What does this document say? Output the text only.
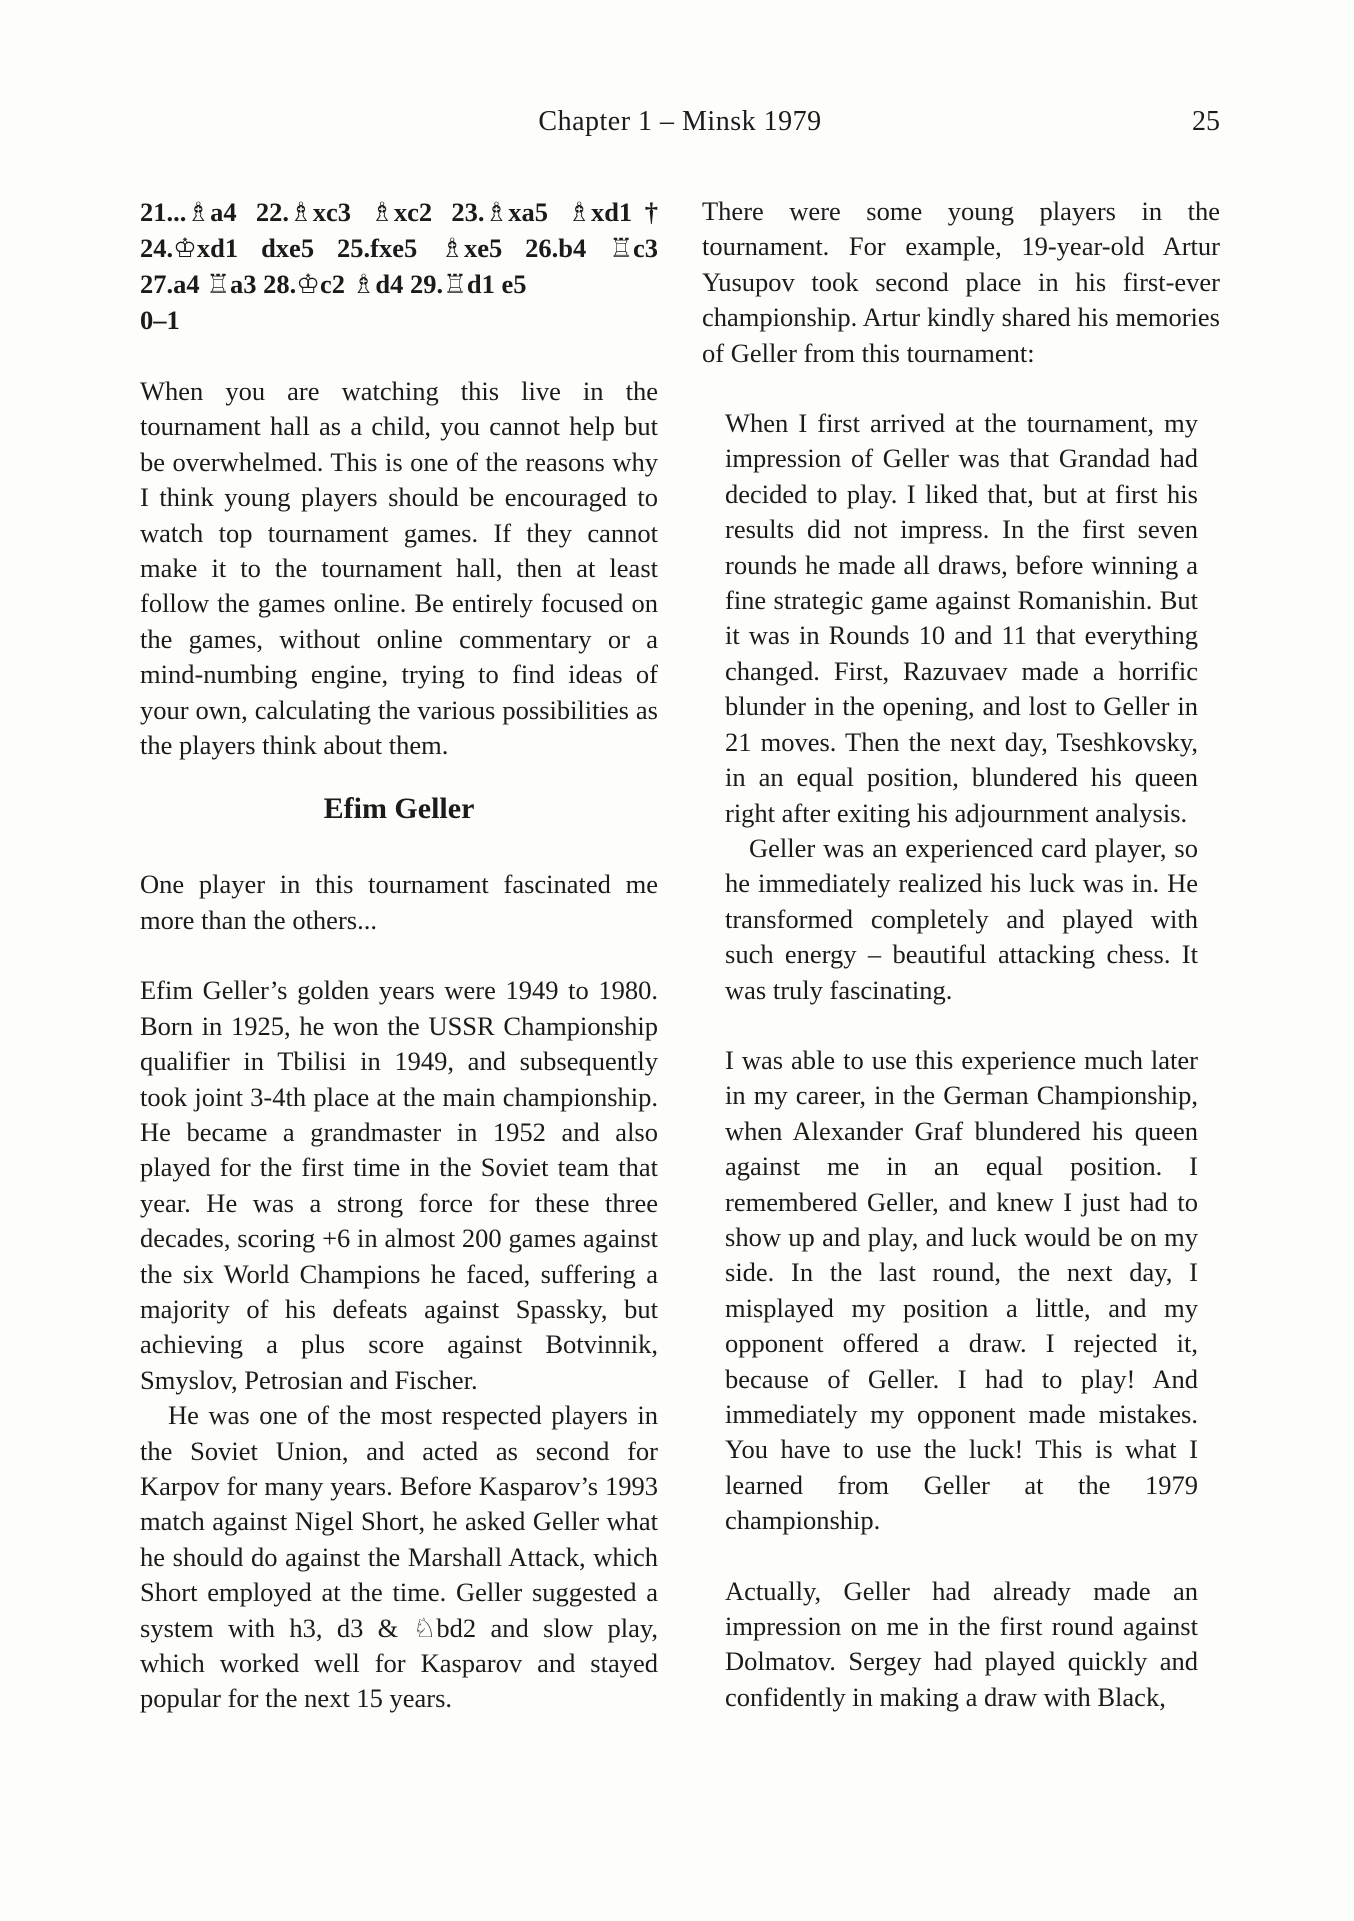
Chapter 1 – Minsk 1979	25
21...♗a4 22.♗xc3 ♗xc2 23.♗xa5 ♗xd1†
24.♔xd1 dxe5 25.fxe5 ♗xe5 26.b4 ♖c3
27.a4 ♖a3 28.♔c2 ♗d4 29.♖d1 e5
0–1

When you are watching this live in the tournament hall as a child, you cannot help but be overwhelmed. This is one of the reasons why I think young players should be encouraged to watch top tournament games. If they cannot make it to the tournament hall, then at least follow the games online. Be entirely focused on the games, without online commentary or a mind-numbing engine, trying to find ideas of your own, calculating the various possibilities as the players think about them.

Efim Geller

One player in this tournament fascinated me more than the others...

Efim Geller’s golden years were 1949 to 1980. Born in 1925, he won the USSR Championship qualifier in Tbilisi in 1949, and subsequently took joint 3-4th place at the main championship. He became a grandmaster in 1952 and also played for the first time in the Soviet team that year. He was a strong force for these three decades, scoring +6 in almost 200 games against the six World Champions he faced, suffering a majority of his defeats against Spassky, but achieving a plus score against Botvinnik, Smyslov, Petrosian and Fischer.

He was one of the most respected players in the Soviet Union, and acted as second for Karpov for many years. Before Kasparov’s 1993 match against Nigel Short, he asked Geller what he should do against the Marshall Attack, which Short employed at the time. Geller suggested a system with h3, d3 & ♘bd2 and slow play, which worked well for Kasparov and stayed popular for the next 15 years.

There were some young players in the tournament. For example, 19-year-old Artur Yusupov took second place in his first-ever championship. Artur kindly shared his memories of Geller from this tournament:

When I first arrived at the tournament, my impression of Geller was that Grandad had decided to play. I liked that, but at first his results did not impress. In the first seven rounds he made all draws, before winning a fine strategic game against Romanishin. But it was in Rounds 10 and 11 that everything changed. First, Razuvaev made a horrific blunder in the opening, and lost to Geller in 21 moves. Then the next day, Tseshkovsky, in an equal position, blundered his queen right after exiting his adjournment analysis.

Geller was an experienced card player, so he immediately realized his luck was in. He transformed completely and played with such energy – beautiful attacking chess. It was truly fascinating.

I was able to use this experience much later in my career, in the German Championship, when Alexander Graf blundered his queen against me in an equal position. I remembered Geller, and knew I just had to show up and play, and luck would be on my side. In the last round, the next day, I misplayed my position a little, and my opponent offered a draw. I rejected it, because of Geller. I had to play! And immediately my opponent made mistakes. You have to use the luck! This is what I learned from Geller at the 1979 championship.

Actually, Geller had already made an impression on me in the first round against Dolmatov. Sergey had played quickly and confidently in making a draw with Black,
